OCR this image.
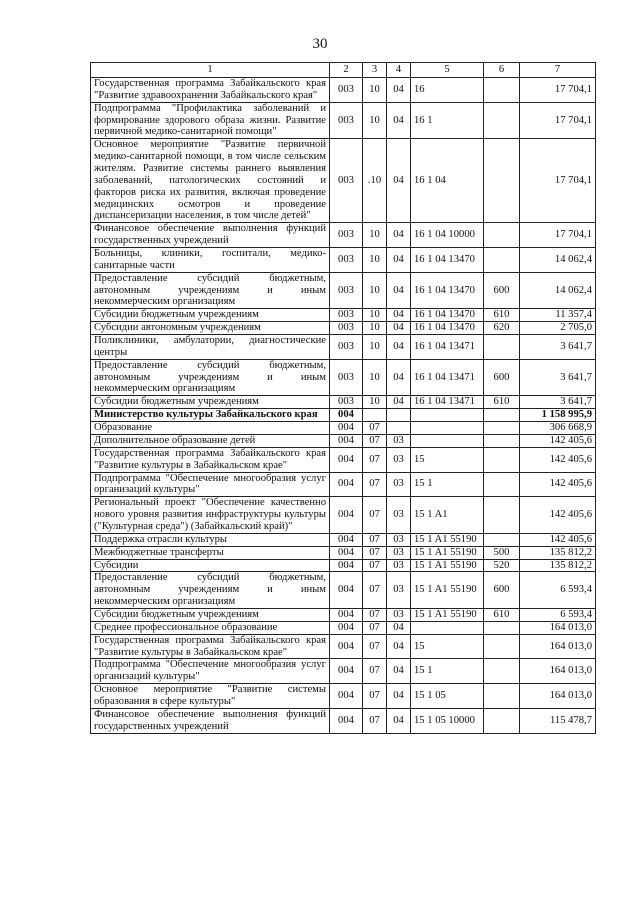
30
1	2	3	4	5	6	7
Государственная программа Забайкальского края "Развитие здравоохранения Забайкальского края"	003	10	04	16		17 704,1
Подпрограмма "Профилактика заболеваний и формирование здорового образа жизни. Развитие первичной медико-санитарной помощи"	003	10	04	16 1		17 704,1
Основное мероприятие "Развитие первичной медико-санитарной помощи, в том числе сельским жителям. Развитие системы раннего выявления заболеваний, патологических состояний и факторов риска их развития, включая проведение медицинских осмотров и проведение диспансеризации населения, в том числе детей"	003	.10	04	16 1 04		17 704,1
Финансовое обеспечение выполнения функций государственных учреждений	003	10	04	16 1 04 10000		17 704,1
Больницы, клиники, госпитали, медико-санитарные части	003	10	04	16 1 04 13470		14 062,4
Предоставление субсидий бюджетным, автономным учреждениям и иным некоммерческим организациям	003	10	04	16 1 04 13470	600	14 062,4
Субсидии бюджетным учреждениям	003	10	04	16 1 04 13470	610	11 357,4
Субсидии автономным учреждениям	003	10	04	16 1 04 13470	620	2 705,0
Поликлиники, амбулатории, диагностические центры	003	10	04	16 1 04 13471		3 641,7
Предоставление субсидий бюджетным, автономным учреждениям и иным некоммерческим организациям	003	10	04	16 1 04 13471	600	3 641,7
Субсидии бюджетным учреждениям	003	10	04	16 1 04 13471	610	3 641,7
Министерство культуры Забайкальского края	004					1 158 995,9
Образование	004	07				306 668,9
Дополнительное образование детей	004	07	03			142 405,6
Государственная программа Забайкальского края "Развитие культуры в Забайкальском крае"	004	07	03	15		142 405,6
Подпрограмма "Обеспечение многообразия услуг организаций культуры"	004	07	03	15 1		142 405,6
Региональный проект "Обеспечение качественно нового уровня развития инфраструктуры культуры ("Культурная среда") (Забайкальский край)"	004	07	03	15 1 A1		142 405,6
Поддержка отрасли культуры	004	07	03	15 1 A1 55190		142 405,6
Межбюджетные трансферты	004	07	03	15 1 A1 55190	500	135 812,2
Субсидии	004	07	03	15 1 A1 55190	520	135 812,2
Предоставление субсидий бюджетным, автономным учреждениям и иным некоммерческим организациям	004	07	03	15 1 A1 55190	600	6 593,4
Субсидии бюджетным учреждениям	004	07	03	15 1 A1 55190	610	6 593,4
Среднее профессиональное образование	004	07	04			164 013,0
Государственная программа Забайкальского края "Развитие культуры в Забайкальском крае"	004	07	04	15		164 013,0
Подпрограмма "Обеспечение многообразия услуг организаций культуры"	004	07	04	15 1		164 013,0
Основное мероприятие "Развитие системы образования в сфере культуры"	004	07	04	15 1 05		164 013,0
Финансовое обеспечение выполнения функций государственных учреждений	004	07	04	15 1 05 10000		115 478,7
